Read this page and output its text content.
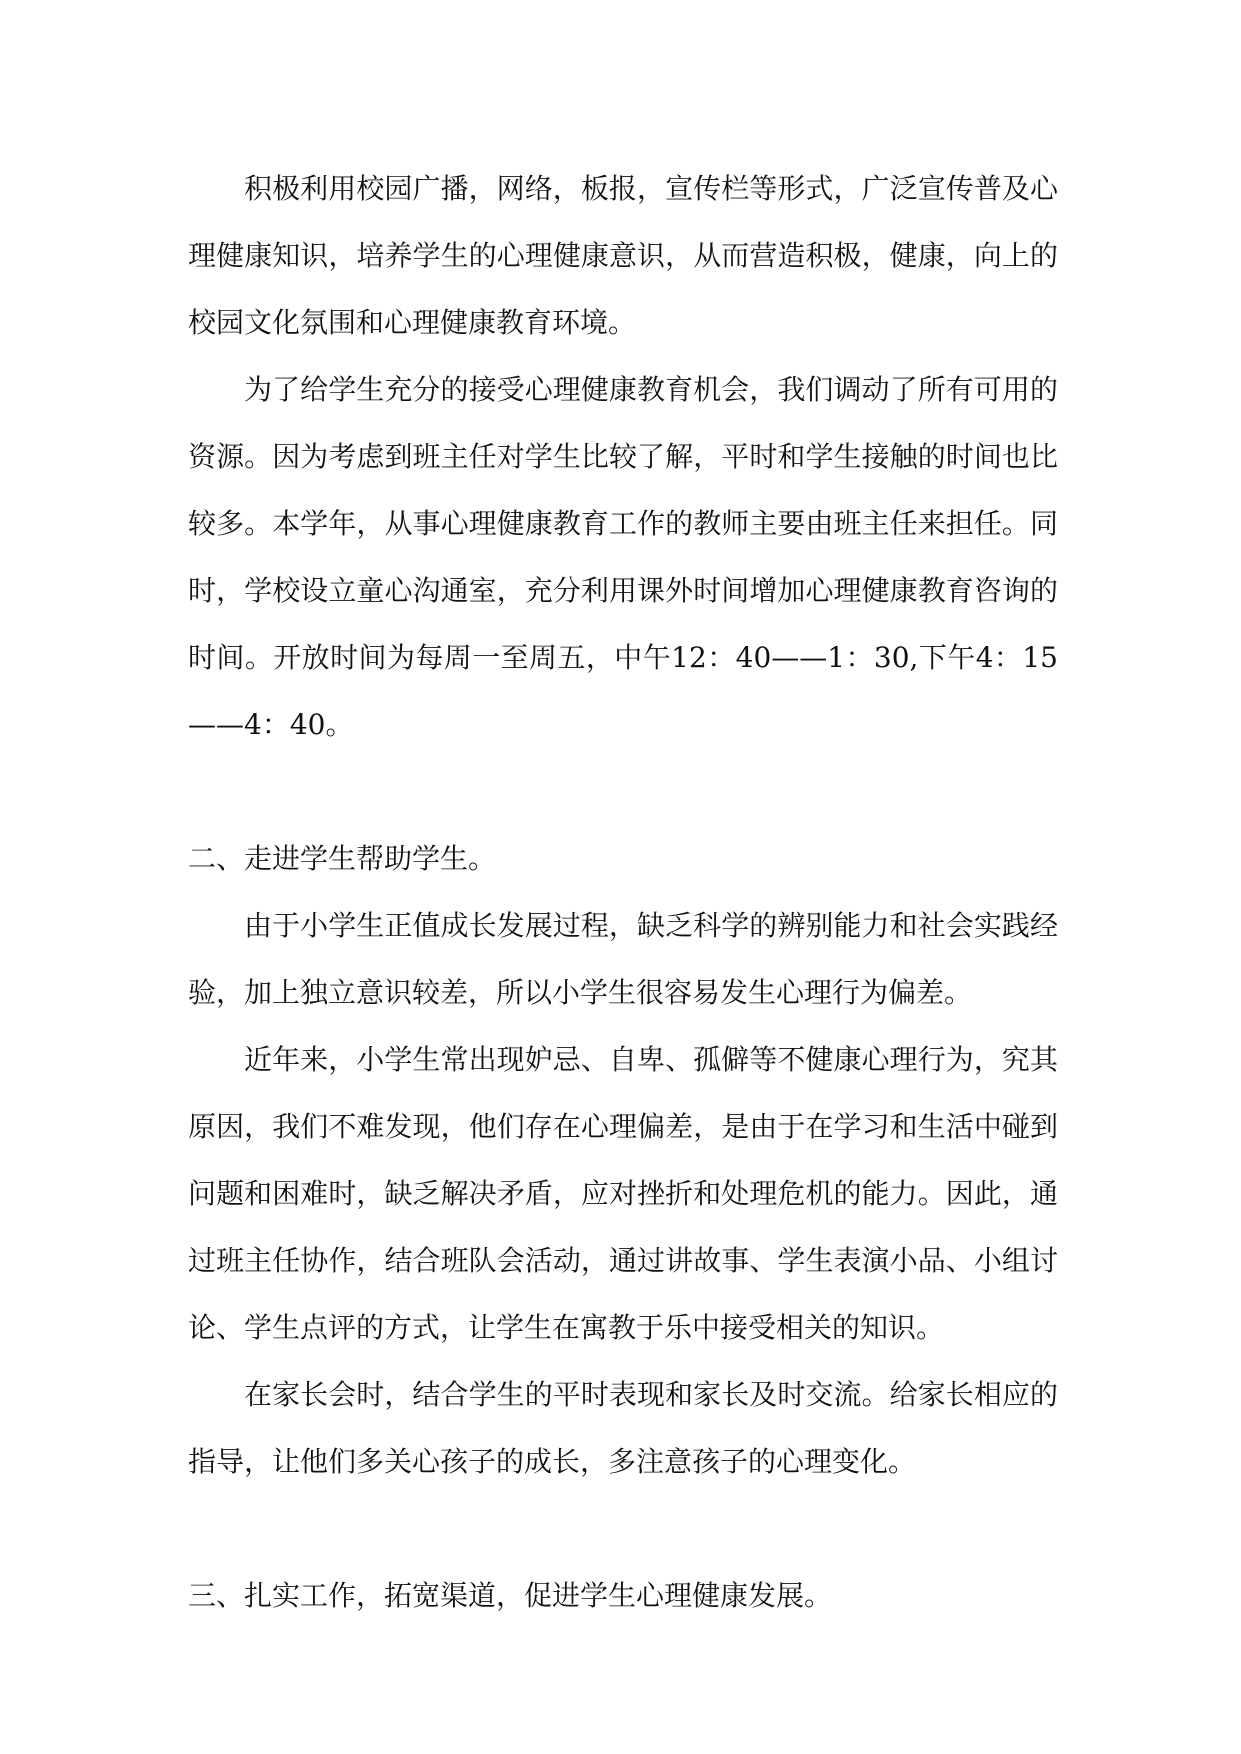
积极利用校园广播，网络，板报，宣传栏等形式，广泛宣传普及心理健康知识，培养学生的心理健康意识，从而营造积极，健康，向上的校园文化氛围和心理健康教育环境。

为了给学生充分的接受心理健康教育机会，我们调动了所有可用的资源。因为考虑到班主任对学生比较了解，平时和学生接触的时间也比较多。本学年，从事心理健康教育工作的教师主要由班主任来担任。同时，学校设立童心沟通室，充分利用课外时间增加心理健康教育咨询的时间。开放时间为每周一至周五，中午12：40——1：30,下午4：15——4：40。

二、走进学生帮助学生。

由于小学生正值成长发展过程，缺乏科学的辨别能力和社会实践经验，加上独立意识较差，所以小学生很容易发生心理行为偏差。

近年来，小学生常出现妒忌、自卑、孤僻等不健康心理行为，究其原因，我们不难发现，他们存在心理偏差，是由于在学习和生活中碰到问题和困难时，缺乏解决矛盾，应对挫折和处理危机的能力。因此，通过班主任协作，结合班队会活动，通过讲故事、学生表演小品、小组讨论、学生点评的方式，让学生在寓教于乐中接受相关的知识。

在家长会时，结合学生的平时表现和家长及时交流。给家长相应的指导，让他们多关心孩子的成长，多注意孩子的心理变化。

三、扎实工作，拓宽渠道，促进学生心理健康发展。
